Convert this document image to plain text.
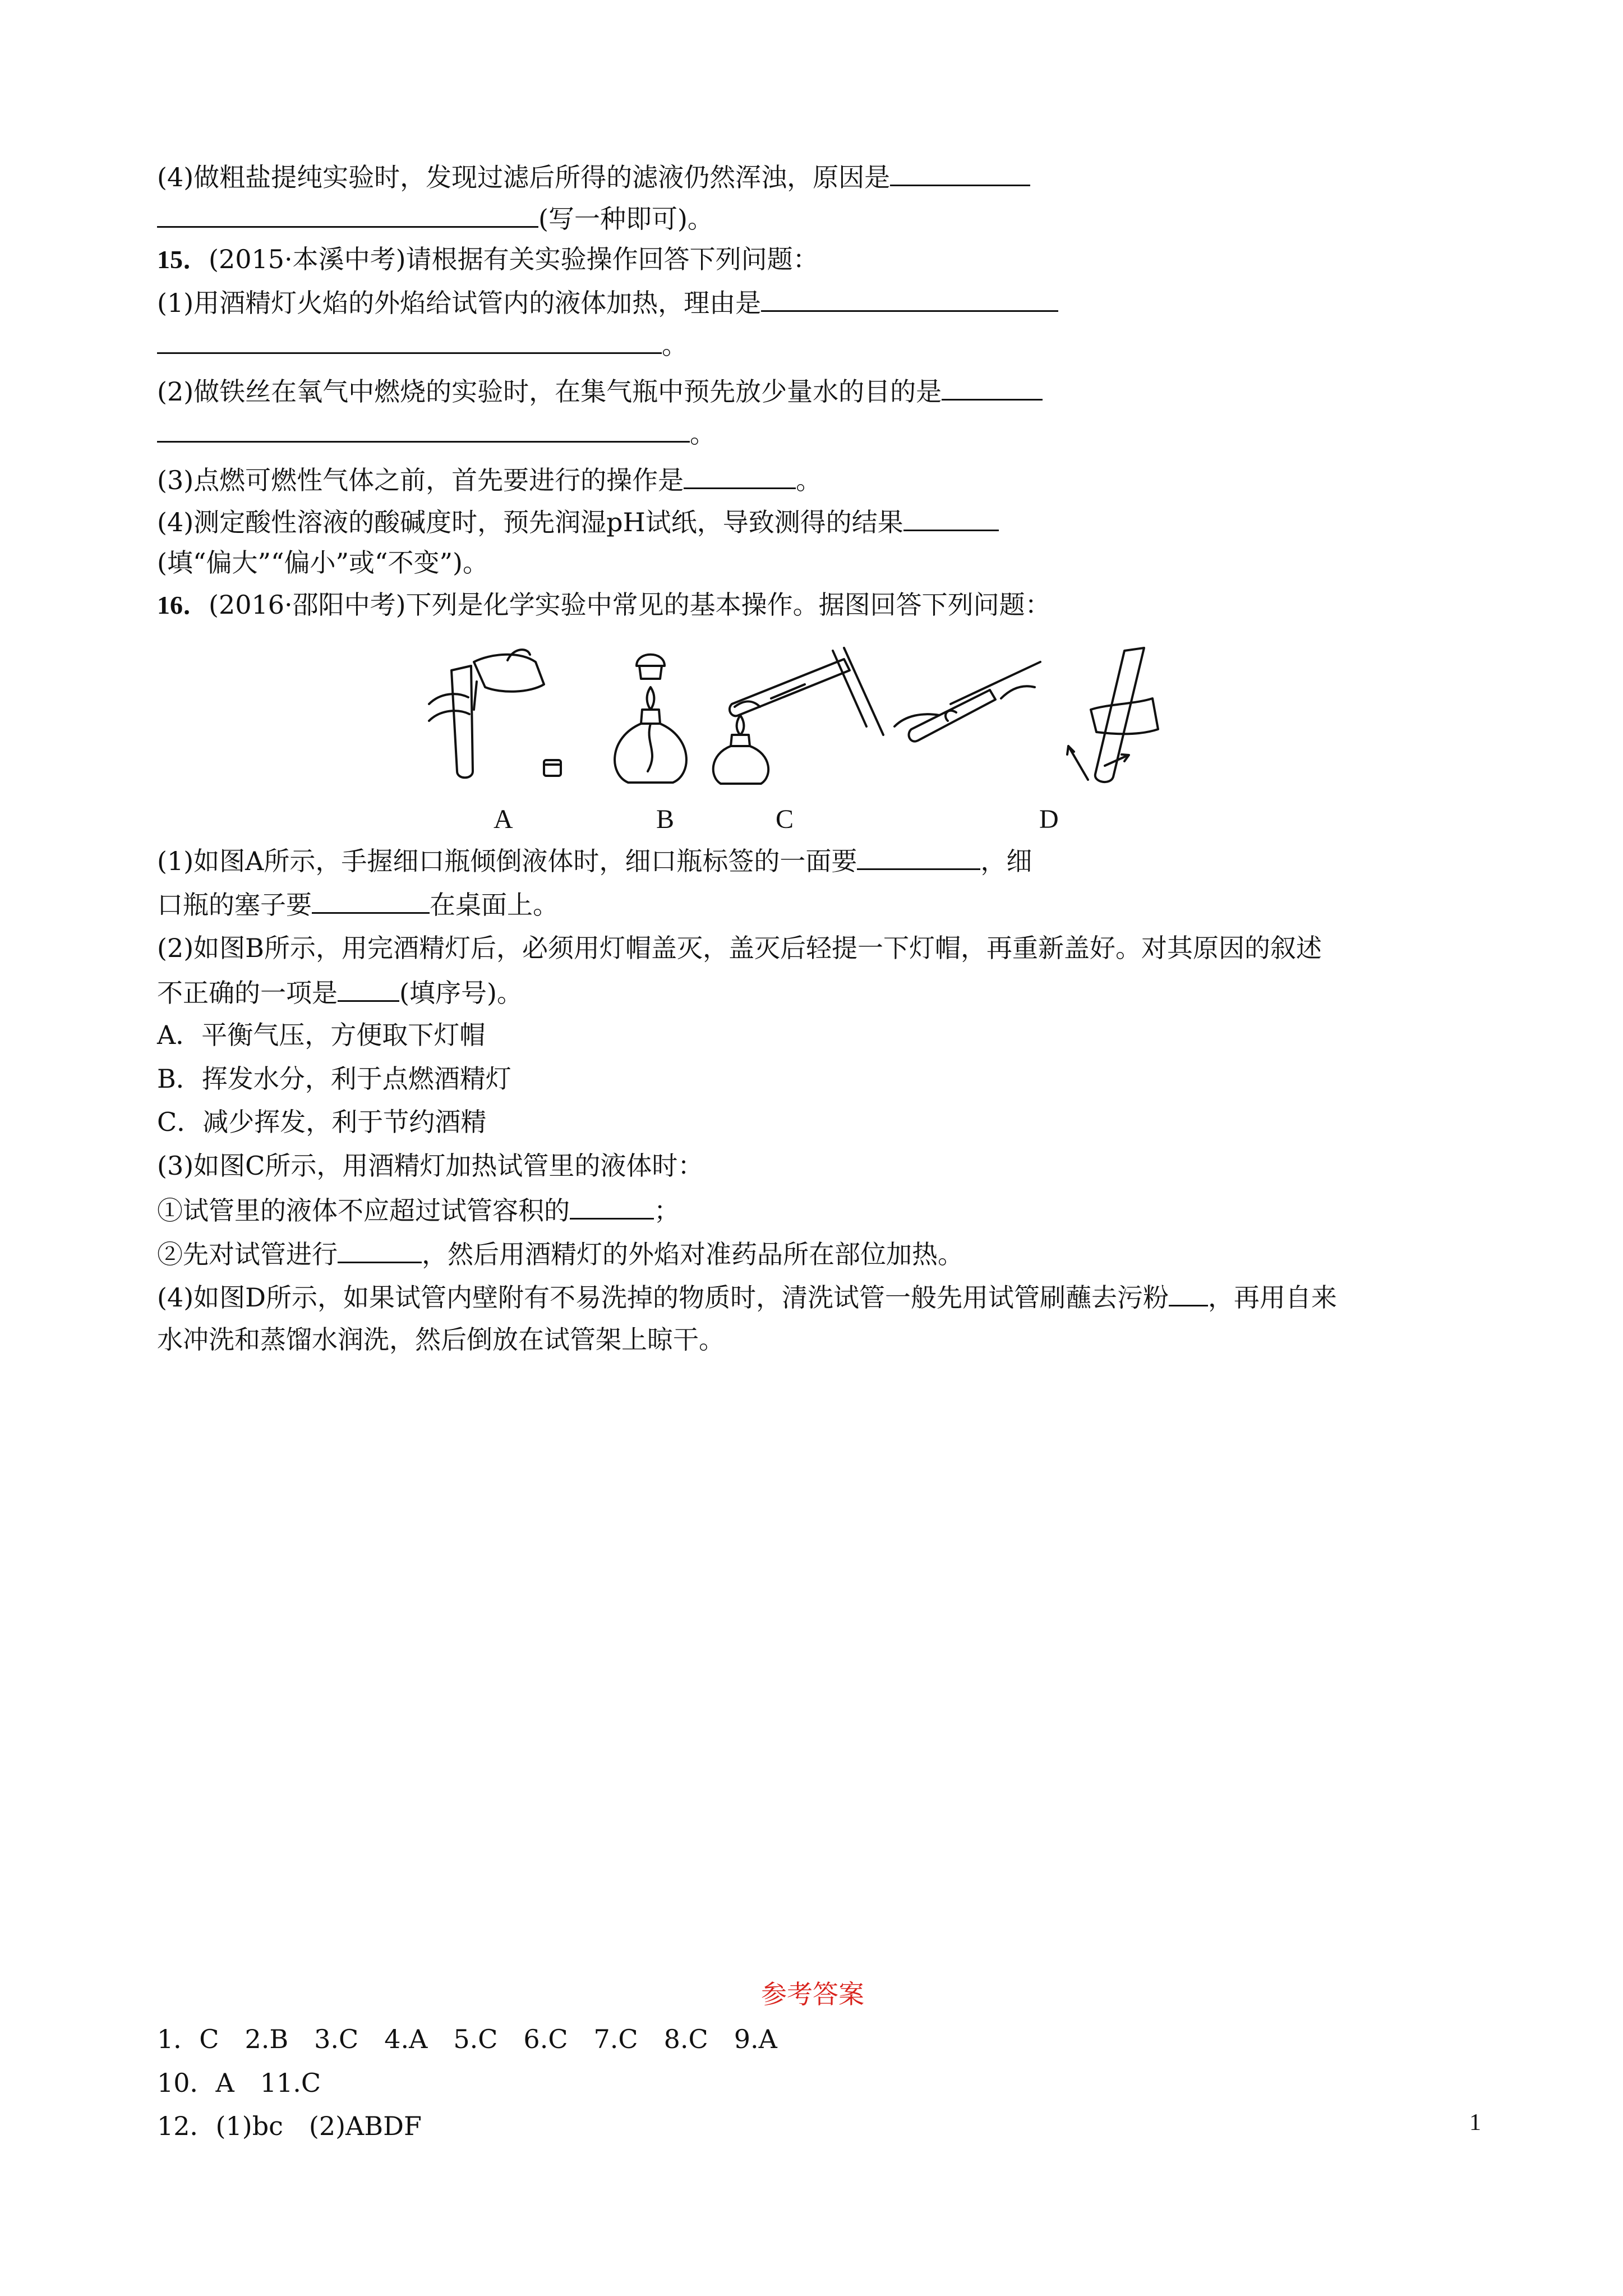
(4)做粗盐提纯实验时，发现过滤后所得的滤液仍然浑浊，原因是
(写一种即可)。
15．(2015·本溪中考)请根据有关实验操作回答下列问题：
(1)用酒精灯火焰的外焰给试管内的液体加热，理由是
。
(2)做铁丝在氧气中燃烧的实验时，在集气瓶中预先放少量水的目的是
。
(3)点燃可燃性气体之前，首先要进行的操作是	。
(4)测定酸性溶液的酸碱度时，预先润湿pH试纸，导致测得的结果
(填“偏大”“偏小”或“不变”)。
16．(2016·邵阳中考)下列是化学实验中常见的基本操作。据图回答下列问题：
A	B	C	D
(1)如图A所示，手握细口瓶倾倒液体时，细口瓶标签的一面要	，细
口瓶的塞子要	在桌面上。
(2)如图B所示，用完酒精灯后，必须用灯帽盖灭，盖灭后轻提一下灯帽，再重新盖好。对其原因的叙述
不正确的一项是 (填序号)。
A．平衡气压，方便取下灯帽
B．挥发水分，利于点燃酒精灯
C．减少挥发，利于节约酒精
(3)如图C所示，用酒精灯加热试管里的液体时：
①试管里的液体不应超过试管容积的	；
②先对试管进行	，然后用酒精灯的外焰对准药品所在部位加热。
(4)如图D所示，如果试管内壁附有不易洗掉的物质时，清洗试管一般先用试管刷蘸去污粉 ，再用自来
水冲洗和蒸馏水润洗，然后倒放在试管架上晾干。
参考答案
1．C　2.B　3.C　4.A　5.C　6.C　7.C　8.C　9.A
10．A　11.C
12．(1)bc　(2)ABDF	1
